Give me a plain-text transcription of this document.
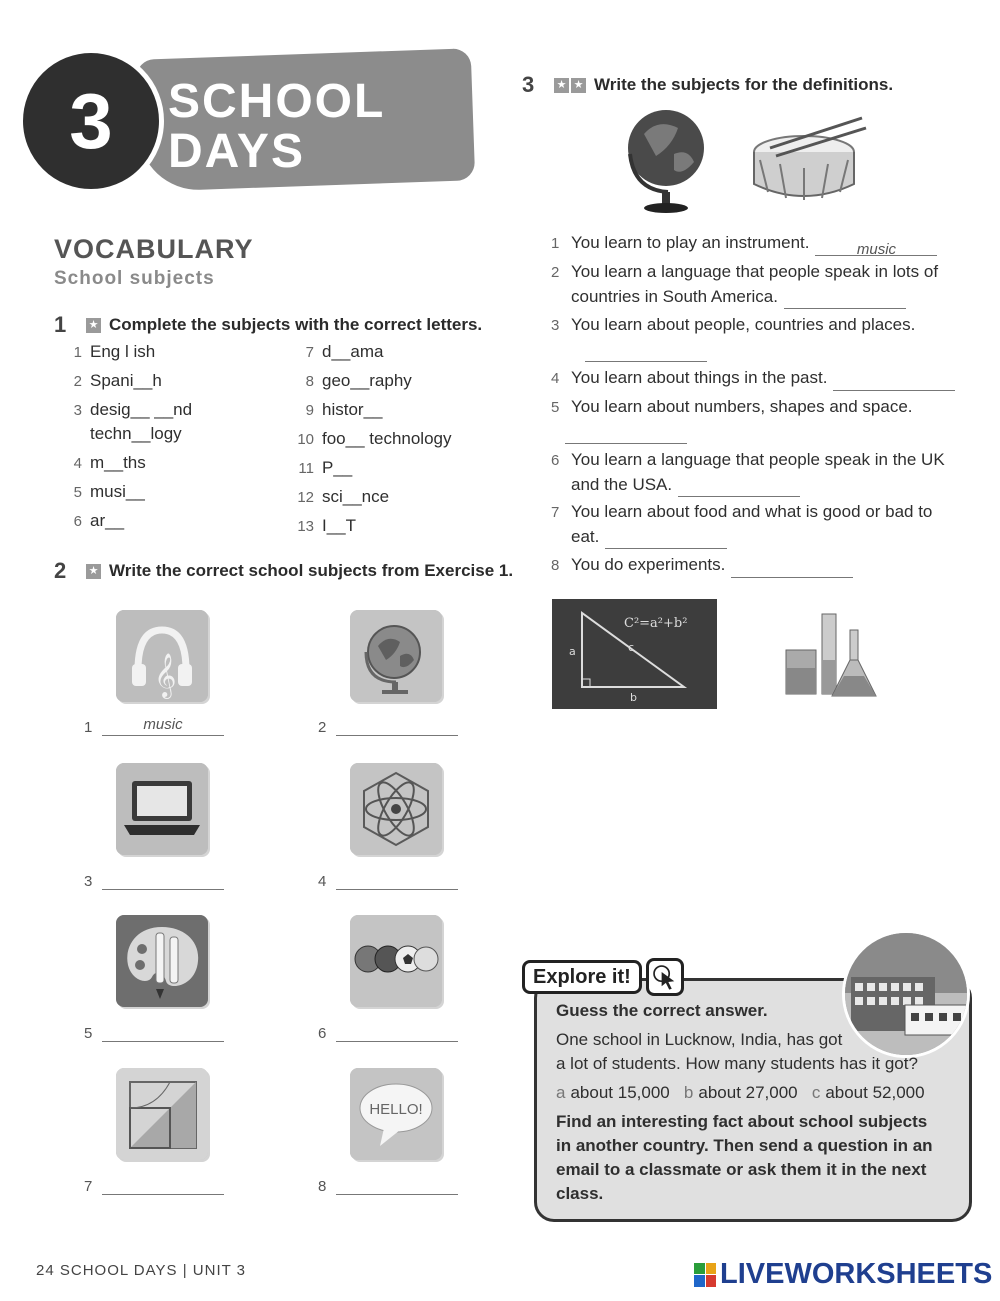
3	SCHOOL
DAYS
VOCABULARY
School subjects
1	★ Complete the subjects with the correct letters.
1 Eng l ish
2 Spani__h
3 desig__ __nd
techn__logy
4 m__ths
5 musi__
6 ar__
7 d__ama
8 geo__raphy
9 histor__
10 foo__ technology
11 P__
12 sci__nce
13 I__T
2	★ Write the correct school subjects from Exercise 1.
𝄞
1	music	2
3	4
5	6
7
HELLO!
8
3	★ ★ Write the subjects for the definitions.
1 You learn to play an instrument.	music
2 You learn a language that people speak in lots of
countries in South America.
3 You learn about people, countries and places.

4 You learn about things in the past.
5 You learn about numbers, shapes and space.

6 You learn a language that people speak in the UK
and the USA.
7 You learn about food and what is good or bad to
eat.
8 You do experiments.
C²=a²+b²
a
b
c
Explore it!
Guess the correct answer.
One school in Lucknow, India, has got
a lot of students. How many students has it got?
a about 15,000 b about 27,000 c about 52,000
Find an interesting fact about school subjects
in another country. Then send a question in an
email to a classmate or ask them it in the next
class.
24 SCHOOL DAYS | UNIT 3	LIVEWORKSHEETS
